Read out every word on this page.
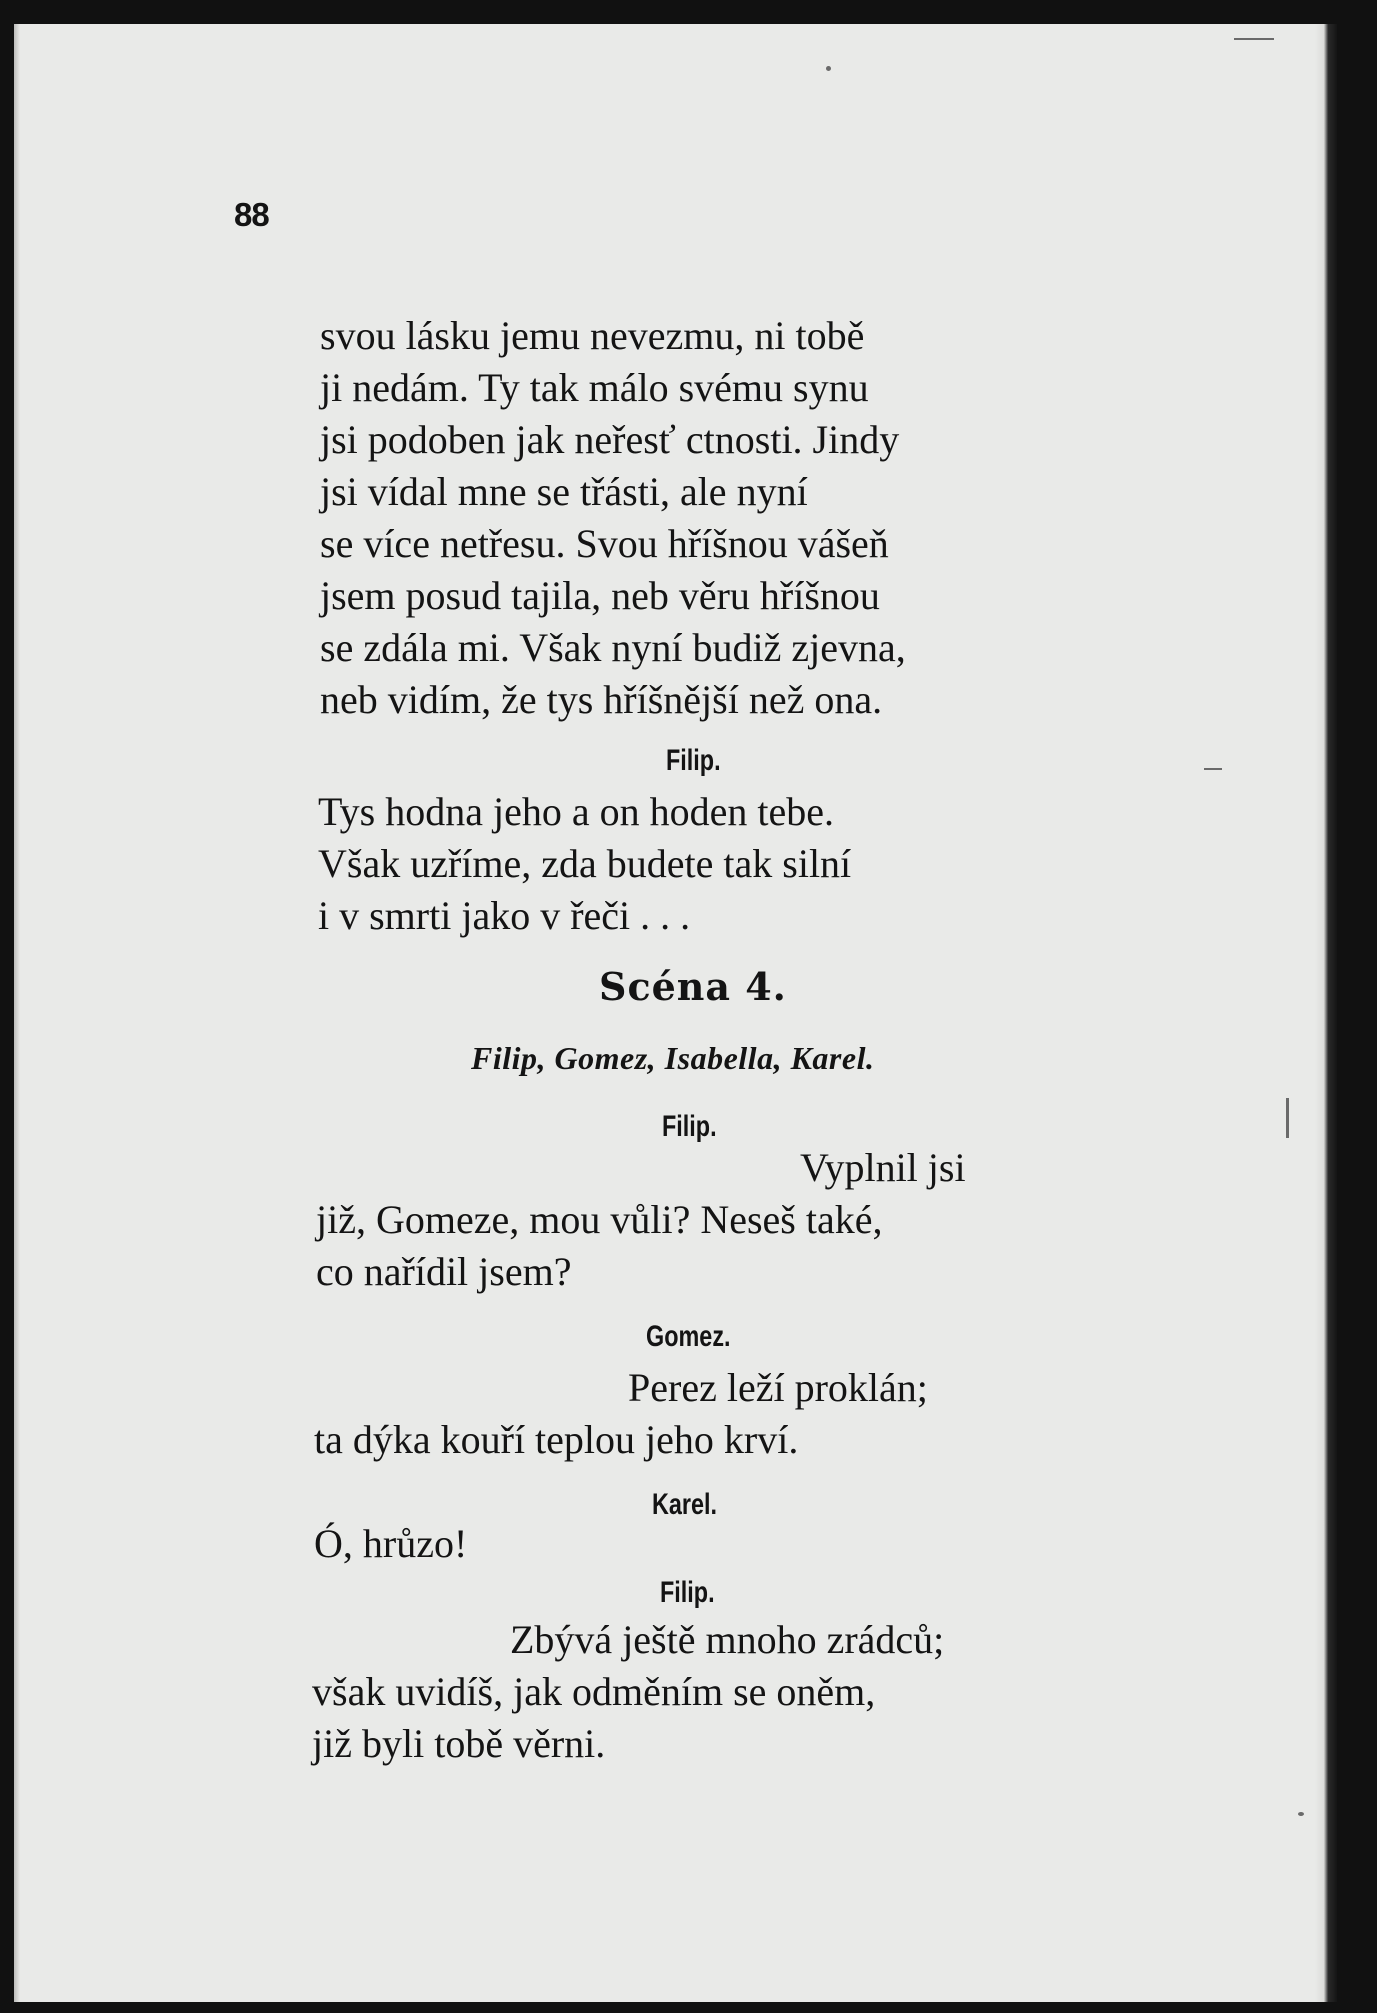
88
svou lásku jemu nevezmu, ni tobě
ji nedám. Ty tak málo svému synu
jsi podoben jak neřesť ctnosti. Jindy
jsi vídal mne se třásti, ale nyní
se více netřesu. Svou hříšnou vášeň
jsem posud tajila, neb věru hříšnou
se zdála mi. Však nyní budiž zjevna,
neb vidím, že tys hříšnější než ona.
Filip.
Tys hodna jeho a on hoden tebe.
Však uzříme, zda budete tak silní
i v smrti jako v řeči . . .
Scéna 4.
Filip, Gomez, Isabella, Karel.
Filip.
Vyplnil jsi
již, Gomeze, mou vůli? Neseš také,
co nařídil jsem?
Gomez.
Perez leží proklán;
ta dýka kouří teplou jeho krví.
Karel.
Ó, hrůzo!
Filip.
Zbývá ještě mnoho zrádců;
však uvidíš, jak odměním se oněm,
již byli tobě věrni.
